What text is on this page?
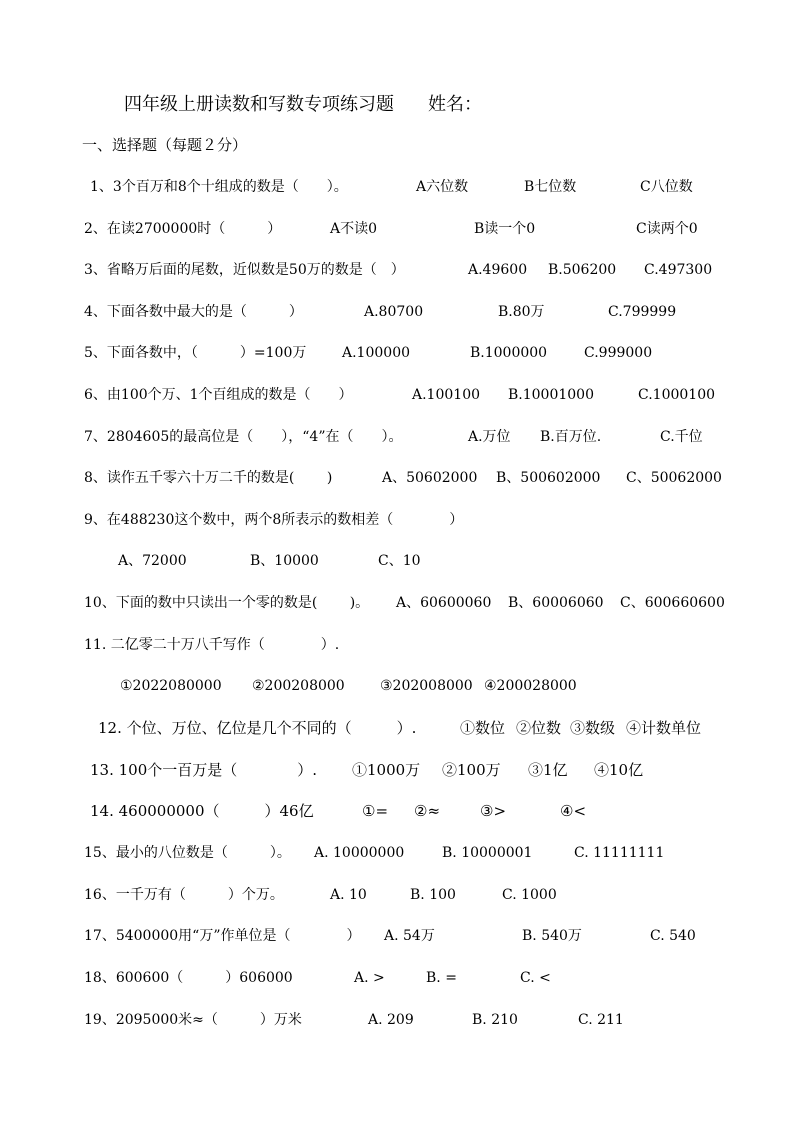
四年级上册读数和写数专项练习题 姓名：
一、选择题（每题２分）
1、3个百万和8个十组成的数是（　　）。	A六位数	B七位数	C八位数
2、在读2700000时（　　　）	A不读0	B读一个0	C读两个0
3、省略万后面的尾数，近似数是50万的数是（　）	A.49600 B.506200 C.497300
4、下面各数中最大的是（　　　）	A.80700	B.80万	C.799999
5、下面各数中，（　　　）=100万	A.100000	B.1000000	C.999000
6、由100个万、1个百组成的数是（　　）	A.100100 B.10001000	C.1000100
7、2804605的最高位是（　　），“4”在（　　）。	A.万位 B.百万位.	C.千位
8、读作五千零六十万二千的数是(　　 )	A、50602000 B、500602000 C、50062000
9、在488230这个数中，两个8所表示的数相差（　　　　）
A、72000	B、10000	C、10
10、下面的数中只读出一个零的数是(　　 )。 A、60600060 B、60006060 C、600660600
11. 二亿零二十万八千写作（　　　　）.
①2022080000 ②200208000	③202008000 ④200028000
12. 个位、万位、亿位是几个不同的（　　　）.	①数位 ②位数 ③数级 ④计数单位
13. 100个一百万是（　　　　）. ①1000万 ②100万 ③1亿 ④10亿
14. 460000000（　　　）46亿	①= ②≈	③>	④<
15、最小的八位数是（　　　）。 A. 10000000	B. 10000001	C. 11111111
16、一千万有（　　　）个万。	A. 10	B. 100	C. 1000
17、5400000用“万”作单位是（　　　　） A. 54万	B. 540万	C. 540
18、600600（　　　）606000	A. >	B. =	C. <
19、2095000米≈（　　　）万米	A. 209	B. 210	C. 211
